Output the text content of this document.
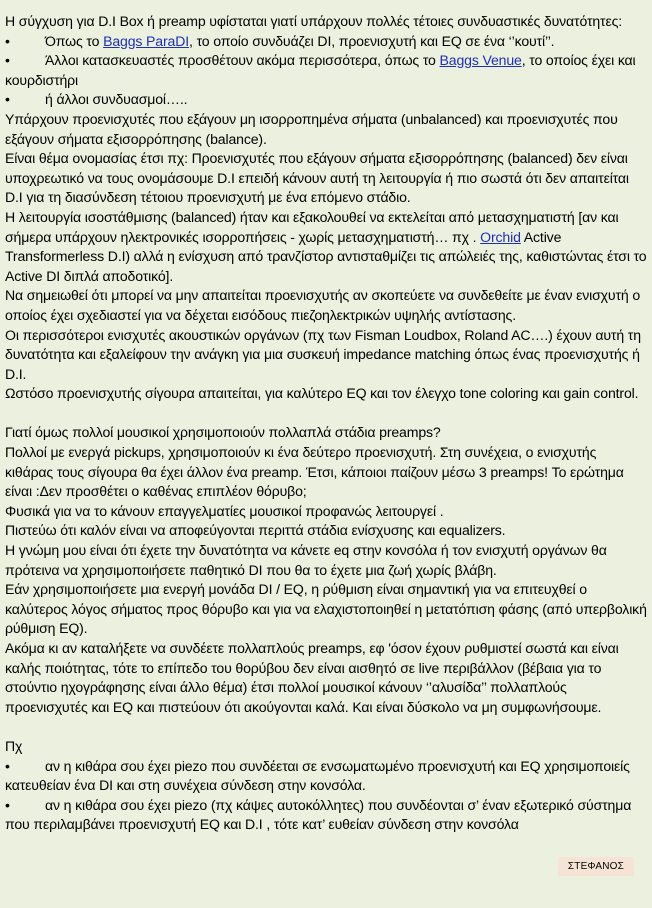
Η σύγχυση για D.I Box ή preamp υφίσταται γιατί υπάρχουν πολλές τέτοιες συνδυαστικές δυνατότητες:

• Όπως το Baggs ParaDI, το οποίο συνδυάζει DI, προενισχυτή και EQ σε ένα ‘’κουτί’’.

• Άλλοι κατασκευαστές προσθέτουν ακόμα περισσότερα, όπως το Baggs Venue, το οποίος έχει και κουρδιστήρι

• ή άλλοι συνδυασμοί…..

Υπάρχουν προενισχυτές που εξάγουν μη ισορροπημένα σήματα (unbalanced) και προενισχυτές που εξάγουν σήματα εξισορρόπησης (balance).

Είναι θέμα ονομασίας έτσι πχ: Προενισχυτές που εξάγουν σήματα εξισορρόπησης (balanced) δεν είναι υποχρεωτικό να τους ονομάσουμε D.I επειδή κάνουν αυτή τη λειτουργία ή πιο σωστά ότι δεν απαιτείται D.I για τη διασύνδεση τέτοιου προενισχυτή με ένα επόμενο στάδιο.

Η λειτουργία ισοστάθμισης (balanced) ήταν και εξακολουθεί να εκτελείται από μετασχηματιστή [αν και σήμερα υπάρχουν ηλεκτρονικές ισορροπήσεις - χωρίς μετασχηματιστή… πχ . Orchid Active Transformerless D.I) αλλά η ενίσχυση από τρανζίστορ αντισταθμίζει τις απώλειές της, καθιστώντας έτσι το Active DI διπλά αποδοτικό].

Να σημειωθεί ότι μπορεί να μην απαιτείται προενισχυτής αν σκοπεύετε να συνδεθείτε με έναν ενισχυτή ο οποίος έχει σχεδιαστεί για να δέχεται εισόδους πιεζοηλεκτρικών υψηλής αντίστασης.

Οι περισσότεροι ενισχυτές ακουστικών οργάνων (πχ των Fisman Loudbox, Roland AC….) έχουν αυτή τη δυνατότητα και εξαλείφουν την ανάγκη για μια συσκευή impedance matching όπως ένας προενισχυτής ή D.I.

Ωστόσο προενισχυτής σίγουρα απαιτείται, για καλύτερο EQ και τον έλεγχο tone coloring και gain control.

Γιατί όμως πολλοί μουσικοί χρησιμοποιούν πολλαπλά στάδια preamps?

Πολλοί με ενεργά pickups, χρησιμοποιούν κι ένα δεύτερο προενισχυτή. Στη συνέχεια, ο ενισχυτής κιθάρας τους σίγουρα θα έχει άλλον ένα preamp. Έτσι, κάποιοι παίζουν μέσω 3 preamps! Το ερώτημα είναι :Δεν προσθέτει ο καθένας επιπλέον θόρυβο;

Φυσικά για να το κάνουν επαγγελματίες μουσικοί προφανώς λειτουργεί .

Πιστεύω ότι καλόν είναι να αποφεύγονται περιττά στάδια ενίσχυσης και equalizers.

Η γνώμη μου είναι ότι έχετε την δυνατότητα να κάνετε eq στην κονσόλα ή τον ενισχυτή οργάνων θα πρότεινα να χρησιμοποιήσετε παθητικό DI που θα το έχετε μια ζωή χωρίς βλάβη.

Εάν χρησιμοποιήσετε μια ενεργή μονάδα DI / EQ, η ρύθμιση είναι σημαντική για να επιτευχθεί ο καλύτερος λόγος σήματος προς θόρυβο και για να ελαχιστοποιηθεί η μετατόπιση φάσης (από υπερβολική ρύθμιση EQ).

Ακόμα κι αν καταλήξετε να συνδέετε πολλαπλούς preamps, εφ 'όσον έχουν ρυθμιστεί σωστά και είναι καλής ποιότητας, τότε το επίπεδο του θορύβου δεν είναι αισθητό σε live περιβάλλον (βέβαια για το στούντιο ηχογράφησης είναι άλλο θέμα) έτσι πολλοί μουσικοί κάνουν ‘’αλυσίδα’’ πολλαπλούς προενισχυτές και EQ και πιστεύουν ότι ακούγονται καλά. Και είναι δύσκολο να μη συμφωνήσουμε.

Πχ

• αν η κιθάρα σου έχει piezo που συνδέεται σε ενσωματωμένο προενισχυτή και EQ χρησιμοποιείς κατευθείαν ένα DI και στη συνέχεια σύνδεση στην κονσόλα.

• αν η κιθάρα σου έχει piezo (πχ κάψες αυτοκόλλητες) που συνδέονται σ’ έναν εξωτερικό σύστημα που περιλαμβάνει προενισχυτή EQ και D.I , τότε κατ’ ευθείαν σύνδεση στην κονσόλα

ΣΤΕΦΑΝΟΣ
